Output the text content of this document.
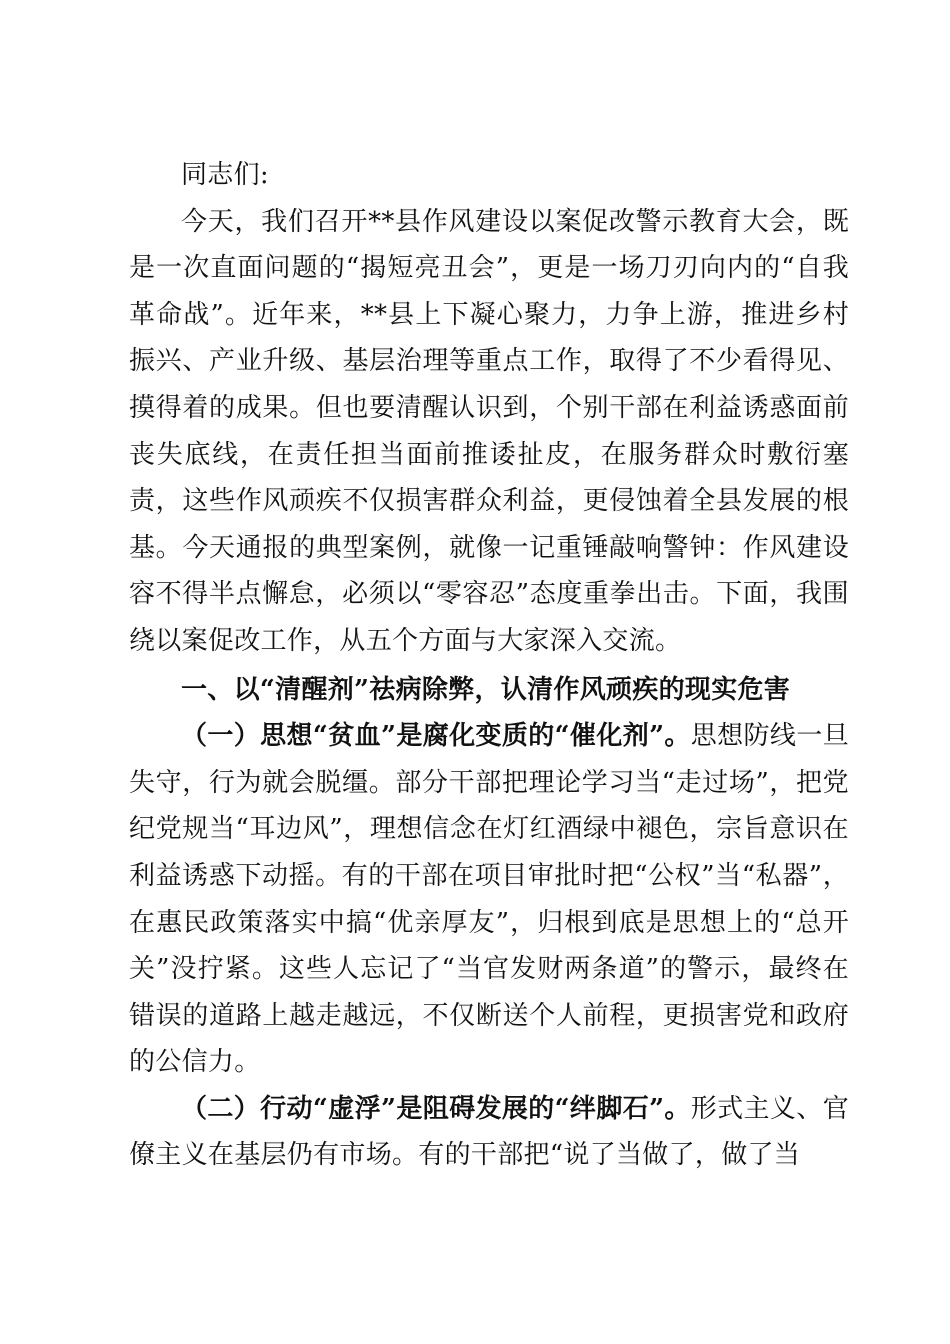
同志们:

今天，我们召开**县作风建设以案促改警示教育大会，既是一次直面问题的“揭短亮丑会”，更是一场刀刃向内的“自我革命战”。近年来，**县上下凝心聚力，力争上游，推进乡村振兴、产业升级、基层治理等重点工作，取得了不少看得见、摸得着的成果。但也要清醒认识到，个别干部在利益诱惑面前丧失底线，在责任担当面前推诿扯皮，在服务群众时敷衍塞责，这些作风顽疾不仅损害群众利益，更侵蚀着全县发展的根基。今天通报的典型案例，就像一记重锤敲响警钟：作风建设容不得半点懈怠，必须以“零容忍”态度重拳出击。下面，我围绕以案促改工作，从五个方面与大家深入交流。

一、以“清醒剂”祛病除弊，认清作风顽疾的现实危害

（一）思想“贫血”是腐化变质的“催化剂”。思想防线一旦失守，行为就会脱缰。部分干部把理论学习当“走过场”，把党纪党规当“耳边风”，理想信念在灯红酒绿中褪色，宗旨意识在利益诱惑下动摇。有的干部在项目审批时把“公权”当“私器”，在惠民政策落实中搞“优亲厚友”，归根到底是思想上的“总开关”没拧紧。这些人忘记了“当官发财两条道”的警示，最终在错误的道路上越走越远，不仅断送个人前程，更损害党和政府的公信力。

（二）行动“虚浮”是阻碍发展的“绊脚石”。形式主义、官僚主义在基层仍有市场。有的干部把“说了当做了，做了当
